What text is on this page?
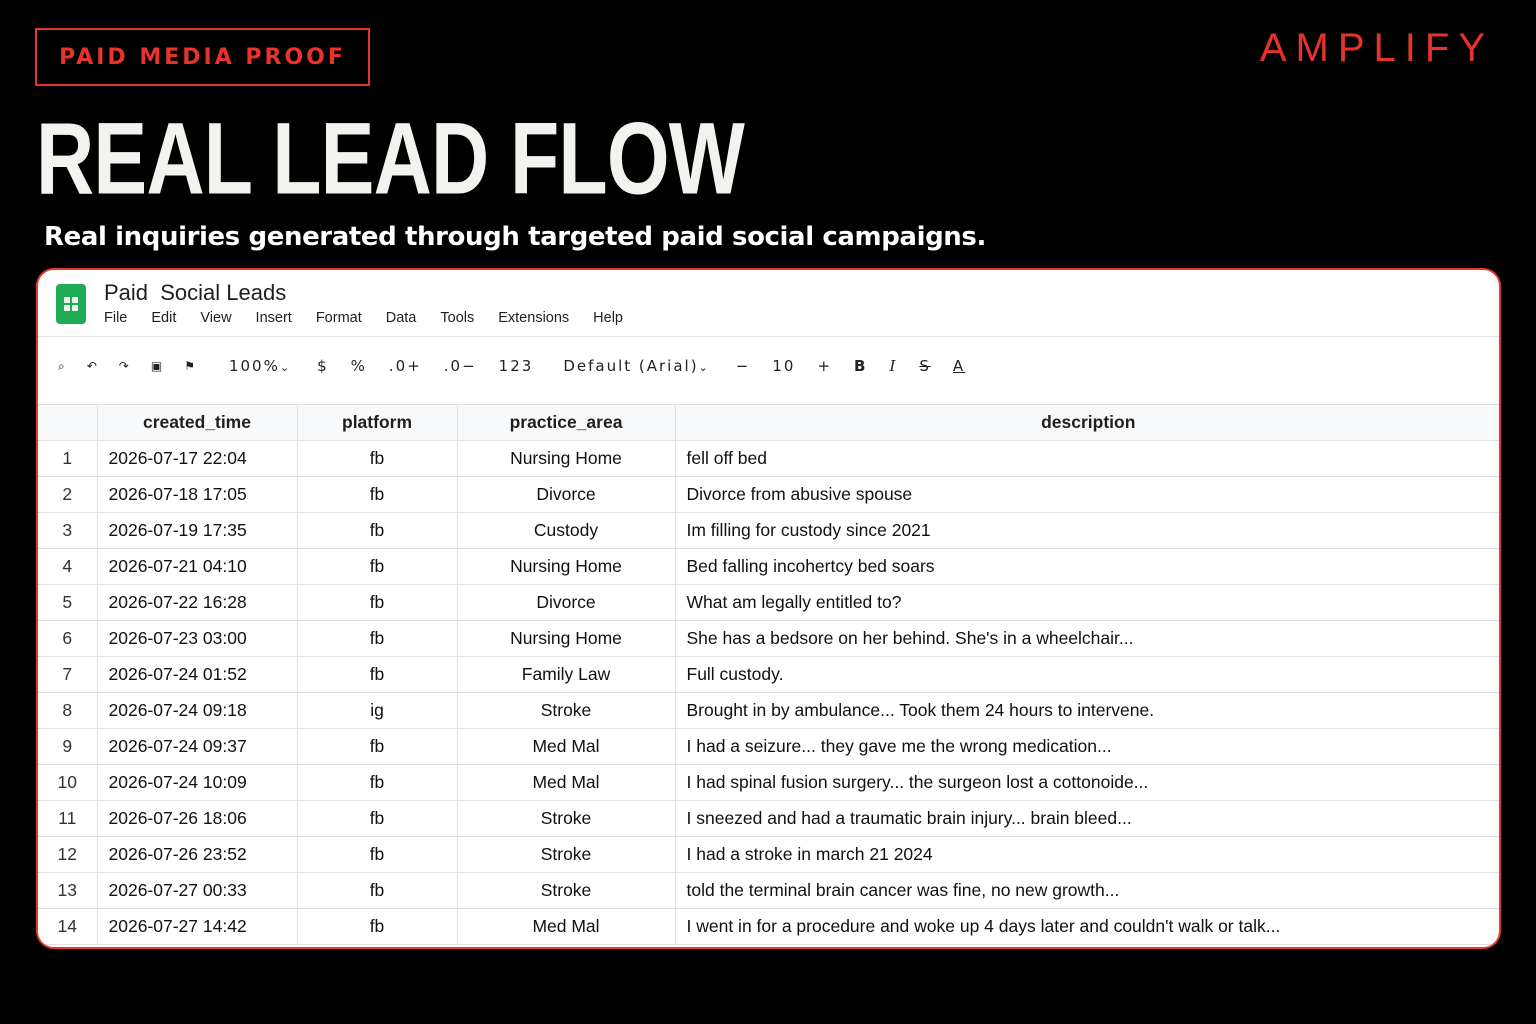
PAID MEDIA PROOF	AMPLIFY
REAL LEAD FLOW
Real inquiries generated through targeted paid social campaigns.
Paid  Social Leads
File Edit View Insert Format Data Tools Extensions Help
⌕ ↶ ↷ ▣ ⚑ 100%⌄ $ % .0+ .0− 123 Default (Arial)⌄ − 10 + B I S A
	created_time	platform	practice_area	description
1	2026-07-17 22:04	fb	Nursing Home	fell off bed
2	2026-07-18 17:05	fb	Divorce	Divorce from abusive spouse
3	2026-07-19 17:35	fb	Custody	Im filling for custody since 2021
4	2026-07-21 04:10	fb	Nursing Home	Bed falling incohertcy bed soars
5	2026-07-22 16:28	fb	Divorce	What am legally entitled to?
6	2026-07-23 03:00	fb	Nursing Home	She has a bedsore on her behind. She's in a wheelchair...
7	2026-07-24 01:52	fb	Family Law	Full custody.
8	2026-07-24 09:18	ig	Stroke	Brought in by ambulance... Took them 24 hours to intervene.
9	2026-07-24 09:37	fb	Med Mal	I had a seizure... they gave me the wrong medication...
10	2026-07-24 10:09	fb	Med Mal	I had spinal fusion surgery... the surgeon lost a cottonoide...
11	2026-07-26 18:06	fb	Stroke	I sneezed and had a traumatic brain injury... brain bleed...
12	2026-07-26 23:52	fb	Stroke	I had a stroke in march 21 2024
13	2026-07-27 00:33	fb	Stroke	told the terminal brain cancer was fine, no new growth...
14	2026-07-27 14:42	fb	Med Mal	I went in for a procedure and woke up 4 days later and couldn't walk or talk...
